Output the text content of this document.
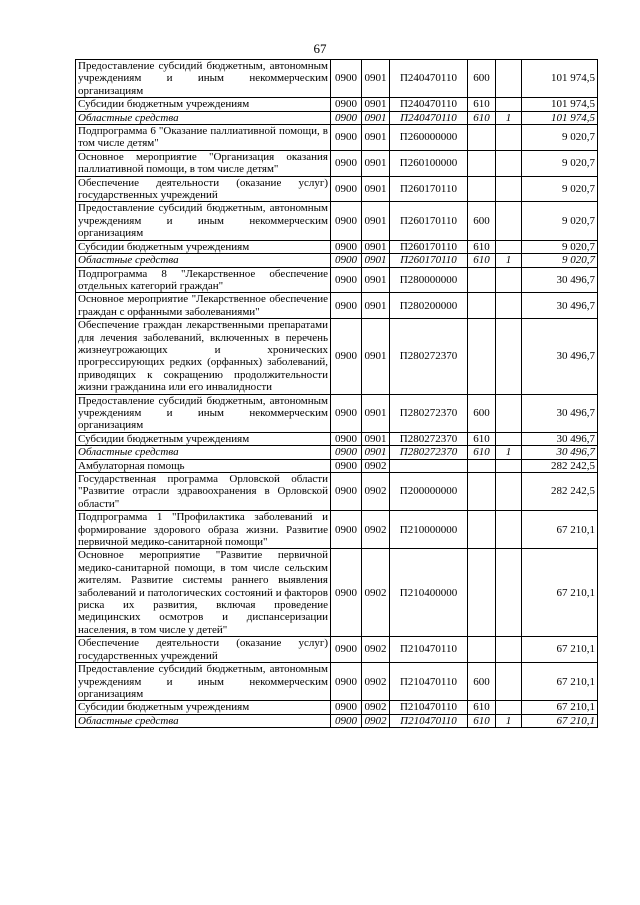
67
Предоставление субсидий бюджетным, автономным учреждениям и иным некоммерческим организациям	0900	0901	П240470110	600		101 974,5
Субсидии бюджетным учреждениям	0900	0901	П240470110	610		101 974,5
Областные средства	0900	0901	П240470110	610	1	101 974,5
Подпрограмма 6 "Оказание паллиативной помощи, в том числе детям"	0900	0901	П260000000			9 020,7
Основное мероприятие "Организация оказания паллиативной помощи, в том числе детям"	0900	0901	П260100000			9 020,7
Обеспечение деятельности (оказание услуг) государственных учреждений	0900	0901	П260170110			9 020,7
Предоставление субсидий бюджетным, автономным учреждениям и иным некоммерческим организациям	0900	0901	П260170110	600		9 020,7
Субсидии бюджетным учреждениям	0900	0901	П260170110	610		9 020,7
Областные средства	0900	0901	П260170110	610	1	9 020,7
Подпрограмма 8 "Лекарственное обеспечение отдельных категорий граждан"	0900	0901	П280000000			30 496,7
Основное мероприятие "Лекарственное обеспечение граждан с орфанными заболеваниями"	0900	0901	П280200000			30 496,7
Обеспечение граждан лекарственными препаратами для лечения заболеваний, включенных в перечень жизнеугрожающих и хронических прогрессирующих редких (орфанных) заболеваний, приводящих к сокращению продолжительности жизни гражданина или его инвалидности	0900	0901	П280272370			30 496,7
Предоставление субсидий бюджетным, автономным учреждениям и иным некоммерческим организациям	0900	0901	П280272370	600		30 496,7
Субсидии бюджетным учреждениям	0900	0901	П280272370	610		30 496,7
Областные средства	0900	0901	П280272370	610	1	30 496,7
Амбулаторная помощь	0900	0902				282 242,5
Государственная программа Орловской области "Развитие отрасли здравоохранения в Орловской области"	0900	0902	П200000000			282 242,5
Подпрограмма 1 "Профилактика заболеваний и формирование здорового образа жизни. Развитие первичной медико-санитарной помощи"	0900	0902	П210000000			67 210,1
Основное мероприятие "Развитие первичной медико-санитарной помощи, в том числе сельским жителям. Развитие системы раннего выявления заболеваний и патологических состояний и факторов риска их развития, включая проведение медицинских осмотров и диспансеризации населения, в том числе у детей"	0900	0902	П210400000			67 210,1
Обеспечение деятельности (оказание услуг) государственных учреждений	0900	0902	П210470110			67 210,1
Предоставление субсидий бюджетным, автономным учреждениям и иным некоммерческим организациям	0900	0902	П210470110	600		67 210,1
Субсидии бюджетным учреждениям	0900	0902	П210470110	610		67 210,1
Областные средства	0900	0902	П210470110	610	1	67 210,1
